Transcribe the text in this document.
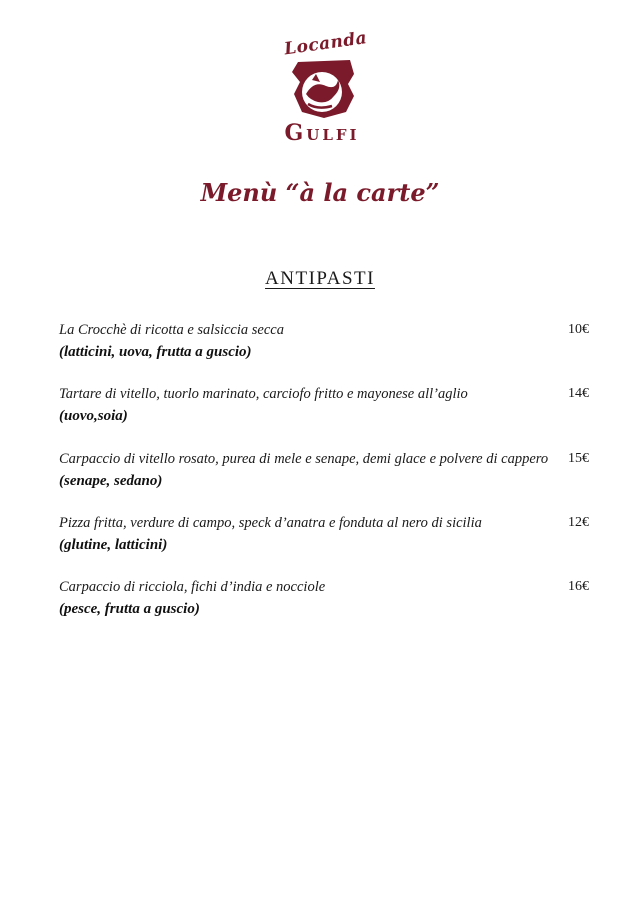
Locanda
Gulfi
Menù “à la carte”
ANTIPASTI
La Crocchè di ricotta e salsiccia secca
(latticini, uova, frutta a guscio)
10€
Tartare di vitello, tuorlo marinato, carciofo fritto e mayonese all’aglio
(uovo,soia)
14€
Carpaccio di vitello rosato, purea di mele e senape, demi glace e polvere di cappero
(senape, sedano)
15€
Pizza fritta, verdure di campo, speck d’anatra e fonduta al nero di sicilia
(glutine, latticini)
12€
Carpaccio di ricciola, fichi d’india e nocciole
(pesce, frutta a guscio)
16€
